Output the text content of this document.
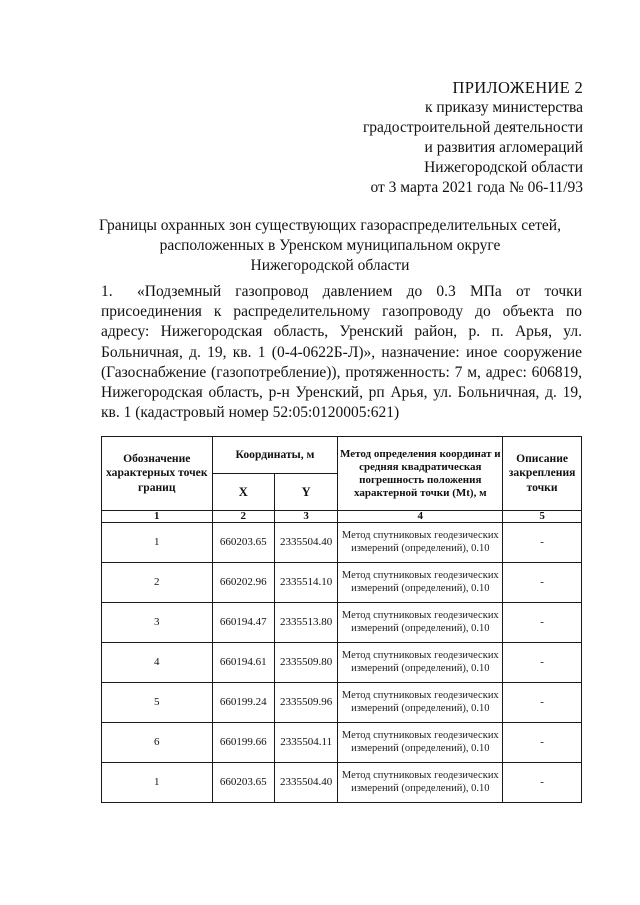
ПРИЛОЖЕНИЕ 2
к приказу министерства
градостроительной деятельности
и развития агломераций
Нижегородской области
от 3 марта 2021 года № 06-11/93
Границы охранных зон существующих газораспределительных сетей,
расположенных в Уренском муниципальном округе
Нижегородской области
1. «Подземный газопровод давлением до 0.3 МПа от точки присоединения к распределительному газопроводу до объекта по адресу: Нижегородская область, Уренский район, р. п. Арья, ул. Больничная, д. 19, кв. 1 (0-4-0622Б-Л)», назначение: иное сооружение (Газоснабжение (газопотребление)), протяженность: 7 м, адрес: 606819, Нижегородская область, р-н Уренский, рп Арья, ул. Больничная, д. 19, кв. 1 (кадастровый номер 52:05:0120005:621)
Обозначение характерных точек границ	Координаты, м		Метод определения координат и средняя квадратическая погрешность положения характерной точки (Mt), м	Описание закрепления точки
	X	Y		
1	2	3	4	5
1	660203.65	2335504.40	Метод спутниковых геодезических измерений (определений), 0.10	-
2	660202.96	2335514.10	Метод спутниковых геодезических измерений (определений), 0.10	-
3	660194.47	2335513.80	Метод спутниковых геодезических измерений (определений), 0.10	-
4	660194.61	2335509.80	Метод спутниковых геодезических измерений (определений), 0.10	-
5	660199.24	2335509.96	Метод спутниковых геодезических измерений (определений), 0.10	-
6	660199.66	2335504.11	Метод спутниковых геодезических измерений (определений), 0.10	-
1	660203.65	2335504.40	Метод спутниковых геодезических измерений (определений), 0.10	-
